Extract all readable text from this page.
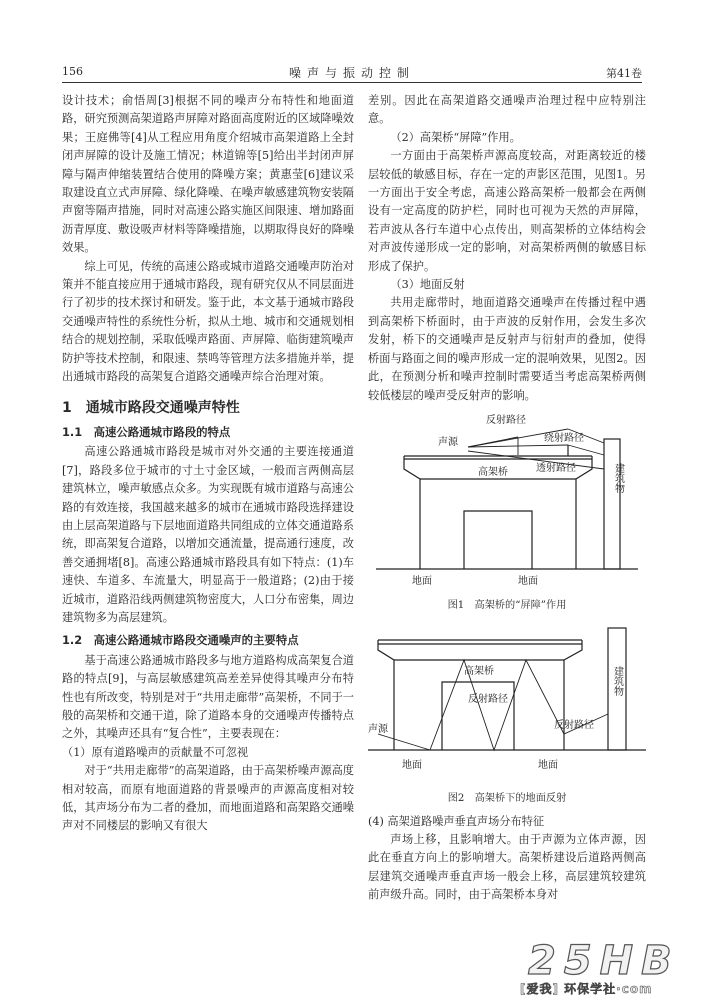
156	噪声与振动控制	第41卷

设计技术；俞悟周[3]根据不同的噪声分布特性和地面道路，研究预测高架道路声屏障对路面高度附近的区域降噪效果；王庭佛等[4]从工程应用角度介绍城市高架道路上全封闭声屏障的设计及施工情况；林道锦等[5]给出半封闭声屏障与隔声伸缩装置结合使用的降噪方案；黄惠莹[6]建议采取建设直立式声屏障、绿化降噪、在噪声敏感建筑物安装隔声窗等隔声措施，同时对高速公路实施区间限速、增加路面沥青厚度、敷设吸声材料等降噪措施，以期取得良好的降噪效果。

综上可见，传统的高速公路或城市道路交通噪声防治对策并不能直接应用于通城市路段，现有研究仅从不同层面进行了初步的技术探讨和研发。鉴于此，本文基于通城市路段交通噪声特性的系统性分析，拟从土地、城市和交通规划相结合的规划控制，采取低噪声路面、声屏障、临街建筑噪声防护等技术控制，和限速、禁鸣等管理方法多措施并举，提出通城市路段的高架复合道路交通噪声综合治理对策。

1　通城市路段交通噪声特性
1.1　高速公路通城市路段的特点

高速公路通城市路段是城市对外交通的主要连接通道[7]，路段多位于城市的寸土寸金区域，一般而言两侧高层建筑林立，噪声敏感点众多。为实现既有城市道路与高速公路的有效连接，我国越来越多的城市在通城市路段选择建设由上层高架道路与下层地面道路共同组成的立体交通道路系统，即高架复合道路，以增加交通流量，提高通行速度，改善交通拥堵[8]。高速公路通城市路段具有如下特点：(1)车速快、车道多、车流量大，明显高于一般道路；(2)由于接近城市，道路沿线两侧建筑物密度大，人口分布密集，周边建筑物多为高层建筑。

1.2　高速公路通城市路段交通噪声的主要特点

基于高速公路通城市路段多与地方道路构成高架复合道路的特点[9]，与高层敏感建筑高差差异使得其噪声分布特性也有所改变，特别是对于“共用走廊带”高架桥，不同于一般的高架桥和交通干道，除了道路本身的交通噪声传播特点之外，其噪声还具有“复合性”，主要表现在：

（1）原有道路噪声的贡献量不可忽视

对于“共用走廊带”的高架道路，由于高架桥噪声源高度相对较高，而原有地面道路的背景噪声的声源高度相对较低，其声场分布为二者的叠加，而地面道路和高架路交通噪声对不同楼层的影响又有很大

差别。因此在高架道路交通噪声治理过程中应特别注意。

（2）高架桥“屏障”作用。

一方面由于高架桥声源高度较高，对距离较近的楼层较低的敏感目标，存在一定的声影区范围，见图1。另一方面出于安全考虑，高速公路高架桥一般都会在两侧设有一定高度的防护栏，同时也可视为天然的声屏障，若声波从各行车道中心点传出，则高架桥的立体结构会对声波传递形成一定的影响，对高架桥两侧的敏感目标形成了保护。

（3）地面反射

共用走廊带时，地面道路交通噪声在传播过程中遇到高架桥下桥面时，由于声波的反射作用，会发生多次发射，桥下的交通噪声是反射声与衍射声的叠加，使得桥面与路面之间的噪声形成一定的混响效果，见图2。因此，在预测分析和噪声控制时需要适当考虑高架桥两侧较低楼层的噪声受反射声的影响。

反射路径
声源	绕射路径
透射路径
高架桥
地面	地面
建筑物
图1　高架桥的“屏障”作用
高架桥
反射路径
反射路径
声源
地面	地面
建筑物
图2　高架桥下的地面反射

(4) 高架道路噪声垂直声场分布特征

声场上移，且影响增大。由于声源为立体声源，因此在垂直方向上的影响增大。高架桥建设后道路两侧高层建筑交通噪声垂直声场一般会上移，高层建筑较建筑前声级升高。同时，由于高架桥本身对

25HB
[爱我] 环保学社·com
